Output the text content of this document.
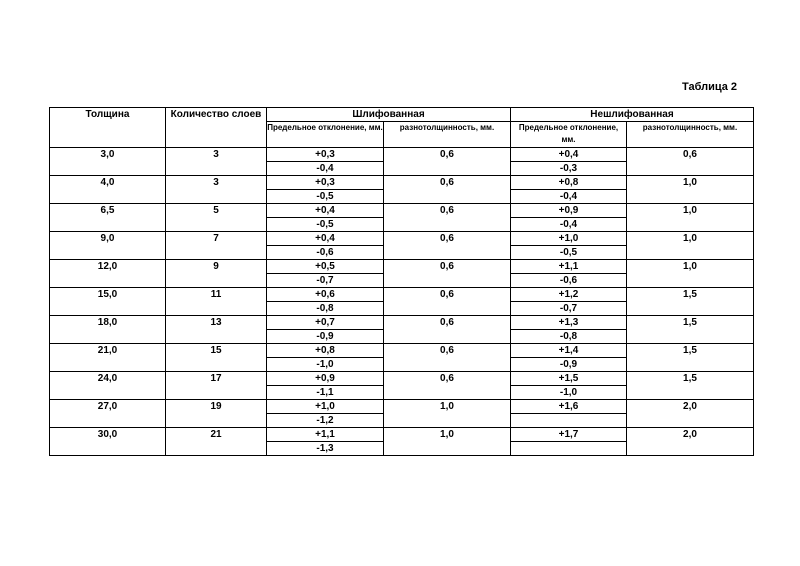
Таблица 2
Толщина	Количество слоев	Шлифованная		Нешлифованная	
		Предельное отклонение, мм.	разнотолщинность, мм.	Предельное отклонение, мм.	разнотолщинность, мм.
3,0	3	+0,3	0,6	+0,4	0,6
		-0,4		-0,3	
4,0	3	+0,3	0,6	+0,8	1,0
		-0,5		-0,4	
6,5	5	+0,4	0,6	+0,9	1,0
		-0,5		-0,4	
9,0	7	+0,4	0,6	+1,0	1,0
		-0,6		-0,5	
12,0	9	+0,5	0,6	+1,1	1,0
		-0,7		-0,6	
15,0	11	+0,6	0,6	+1,2	1,5
		-0,8		-0,7	
18,0	13	+0,7	0,6	+1,3	1,5
		-0,9		-0,8	
21,0	15	+0,8	0,6	+1,4	1,5
		-1,0		-0,9	
24,0	17	+0,9	0,6	+1,5	1,5
		-1,1		-1,0	
27,0	19	+1,0	1,0	+1,6	2,0
		-1,2			
30,0	21	+1,1	1,0	+1,7	2,0
		-1,3			
